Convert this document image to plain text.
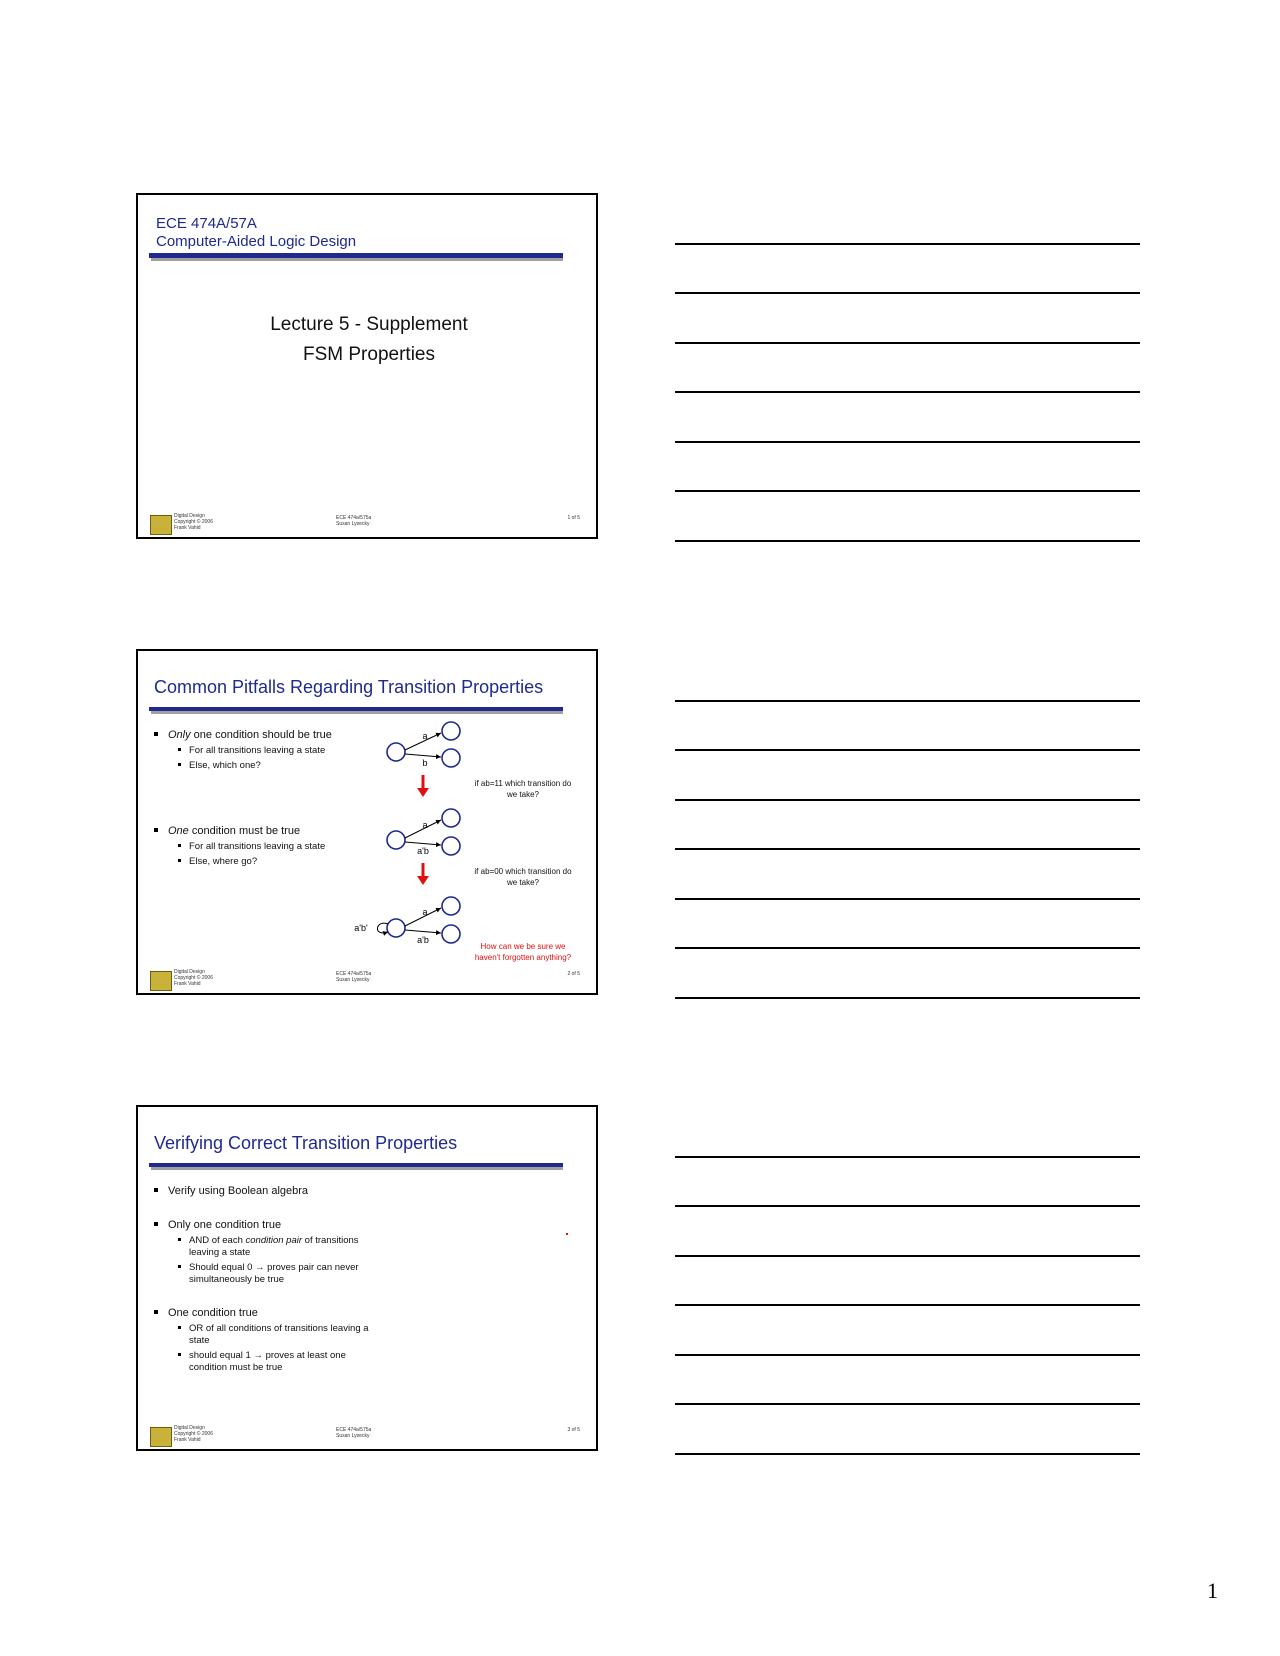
ECE 474A/57A
Computer-Aided Logic Design
Lecture 5 - Supplement
FSM Properties
Digital Design
Copyright © 2006
Frank Vahid
ECE 474a/575a
Susan Lysecky
1 of 5
Common Pitfalls Regarding Transition Properties
Only one condition should be true
For all transitions leaving a state
Else, which one?
One condition must be true
For all transitions leaving a state
Else, where go?
a
b
a
a'b
a
a'b
a'b'
if ab=11 which transition do
we take?
if ab=00 which transition do
we take?
How can we be sure we
haven't forgotten anything?
Digital Design
Copyright © 2006
Frank Vahid
ECE 474a/575a
Susan Lysecky
2 of 5
Verifying Correct Transition Properties
Verify using Boolean algebra
Only one condition true
AND of each condition pair of transitions leaving a state
Should equal 0 → proves pair can never simultaneously be true
One condition true
OR of all conditions of transitions leaving a state
should equal 1 → proves at least one condition must be true
Digital Design
Copyright © 2006
Frank Vahid
ECE 474a/575a
Susan Lysecky
3 of 5
1
